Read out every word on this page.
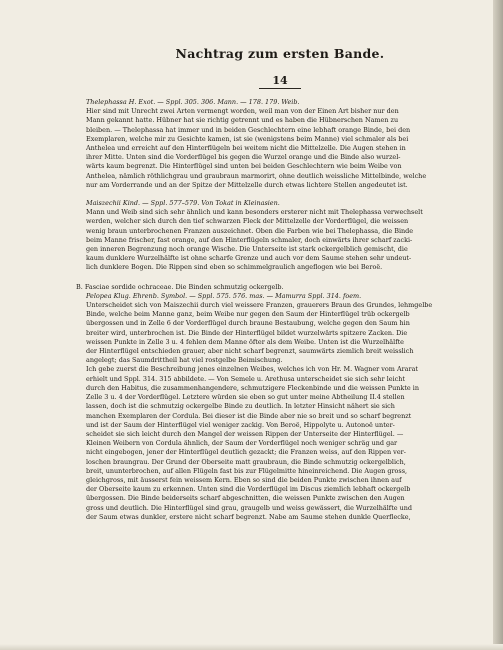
Nachtrag zum ersten Bande.
14

Thelephassa H. Exot. — Sppl. 305. 306. Mann. — 178. 179. Weib.

Hier sind mit Unrecht zwei Arten vermengt worden, weil man von der Einen Art bisher nur den

Mann gekannt hatte. Hübner hat sie richtig getrennt und es haben die Hübnerschen Namen zu

bleiben. — Thelephassa hat immer und in beiden Geschlechtern eine lebhaft orange Binde, bei den

Exemplaren, welche mir zu Gesichte kamen, ist sie (wenigstens beim Manne) viel schmaler als bei

Anthelea und erreicht auf den Hinterflügeln bei weitem nicht die Mittelzelle. Die Augen stehen in

ihrer Mitte. Unten sind die Vorderflügel bis gegen die Wurzel orange und die Binde also wurzel-

wärts kaum begrenzt. Die Hinterflügel sind unten bei beiden Geschlechtern wie beim Weibe von

Anthelea, nämlich röthlichgrau und graubraun marmorirt, ohne deutlich weissliche Mittelbinde, welche

nur am Vorderrande und an der Spitze der Mittelzelle durch etwas lichtere Stellen angedeutet ist.

Maiszechii Kind. — Sppl. 577–579. Von Tokat in Kleinasien.

Mann und Weib sind sich sehr ähnlich und kann besonders ersterer nicht mit Thelephassa verwechselt

werden, welcher sich durch den tief schwarzen Fleck der Mittelzelle der Vorderflügel, die weissen

wenig braun unterbrochenen Franzen auszeichnet. Oben die Farben wie bei Thelephassa, die Binde

beim Manne frischer, fast orange, auf den Hinterflügeln schmaler, doch einwärts ihrer scharf zacki-

gen inneren Begrenzung noch orange Wische. Die Unterseite ist stark ockergelblich gemischt, die

kaum dunklere Wurzelhälfte ist ohne scharfe Grenze und auch vor dem Saume stehen sehr undeut-

lich dunklere Bogen. Die Rippen sind eben so schimmelgraulich angeflogen wie bei Beroë.

B. Fasciae sordide ochraceae. Die Binden schmutzig ockergelb.

Pelopea Klug. Ehrenb. Symbol. — Sppl. 575. 576. mas. — Mamurra Sppl. 314. foem.

Unterscheidet sich von Maiszechii durch viel weissere Franzen, grauerers Braun des Grundes, lehmgelbe

Binde, welche beim Manne ganz, beim Weibe nur gegen den Saum der Hinterflügel trüb ockergelb

übergossen und in Zelle 6 der Vorderflügel durch braune Bestaubung, welche gegen den Saum hin

breiter wird, unterbrochen ist. Die Binde der Hinterflügel bildet wurzelwärts spitzere Zacken. Die

weissen Punkte in Zelle 3 u. 4 fehlen dem Manne öfter als dem Weibe. Unten ist die Wurzelhälfte

der Hinterflügel entschieden grauer, aber nicht scharf begrenzt, saumwärts ziemlich breit weisslich

angelegt; das Saumdrittheil hat viel rostgelbe Beimischung.

Ich gebe zuerst die Beschreibung jenes einzelnen Weibes, welches ich von Hr. M. Wagner vom Ararat

erhielt und Sppl. 314. 315 abbildete. — Von Semele u. Arethusa unterscheidet sie sich sehr leicht

durch den Habitus, die zusammenhangendere, schmutzigere Fleckenbinde und die weissen Punkte in

Zelle 3 u. 4 der Vorderflügel. Letztere würden sie eben so gut unter meine Abtheilung II.4 stellen

lassen, doch ist die schmutzig ockergelbe Binde zu deutlich. In letzter Hinsicht nähert sie sich

manchen Exemplaren der Cordula. Bei dieser ist die Binde aber nie so breit und so scharf begrenzt

und ist der Saum der Hinterflügel viel weniger zackig. Von Beroë, Hippolyte u. Autonoë unter-

scheidet sie sich leicht durch den Mangel der weissen Rippen der Unterseite der Hinterflügel. —

Kleinen Weibern von Cordula ähnlich, der Saum der Vorderflügel noch weniger schräg und gar

nicht eingebogen, jener der Hinterflügel deutlich gezackt; die Franzen weiss, auf den Rippen ver-

loschen braungrau. Der Grund der Oberseite matt graubraun, die Binde schmutzig ockergelblich,

breit, ununterbrochen, auf allen Flügeln fast bis zur Flügelmitte hineinreichend. Die Augen gross,

gleichgross, mit äusserst fein weissem Kern. Eben so sind die beiden Punkte zwischen ihnen auf

der Oberseite kaum zu erkennen. Unten sind die Vorderflügel im Discus ziemlich lebhaft ockergelb

übergossen. Die Binde beiderseits scharf abgeschnitten, die weissen Punkte zwischen den Augen

gross und deutlich. Die Hinterflügel sind grau, graugelb und weiss gewässert, die Wurzelhälfte und

der Saum etwas dunkler, erstere nicht scharf begrenzt. Nabe am Saume stehen dunkle Querflecke,
